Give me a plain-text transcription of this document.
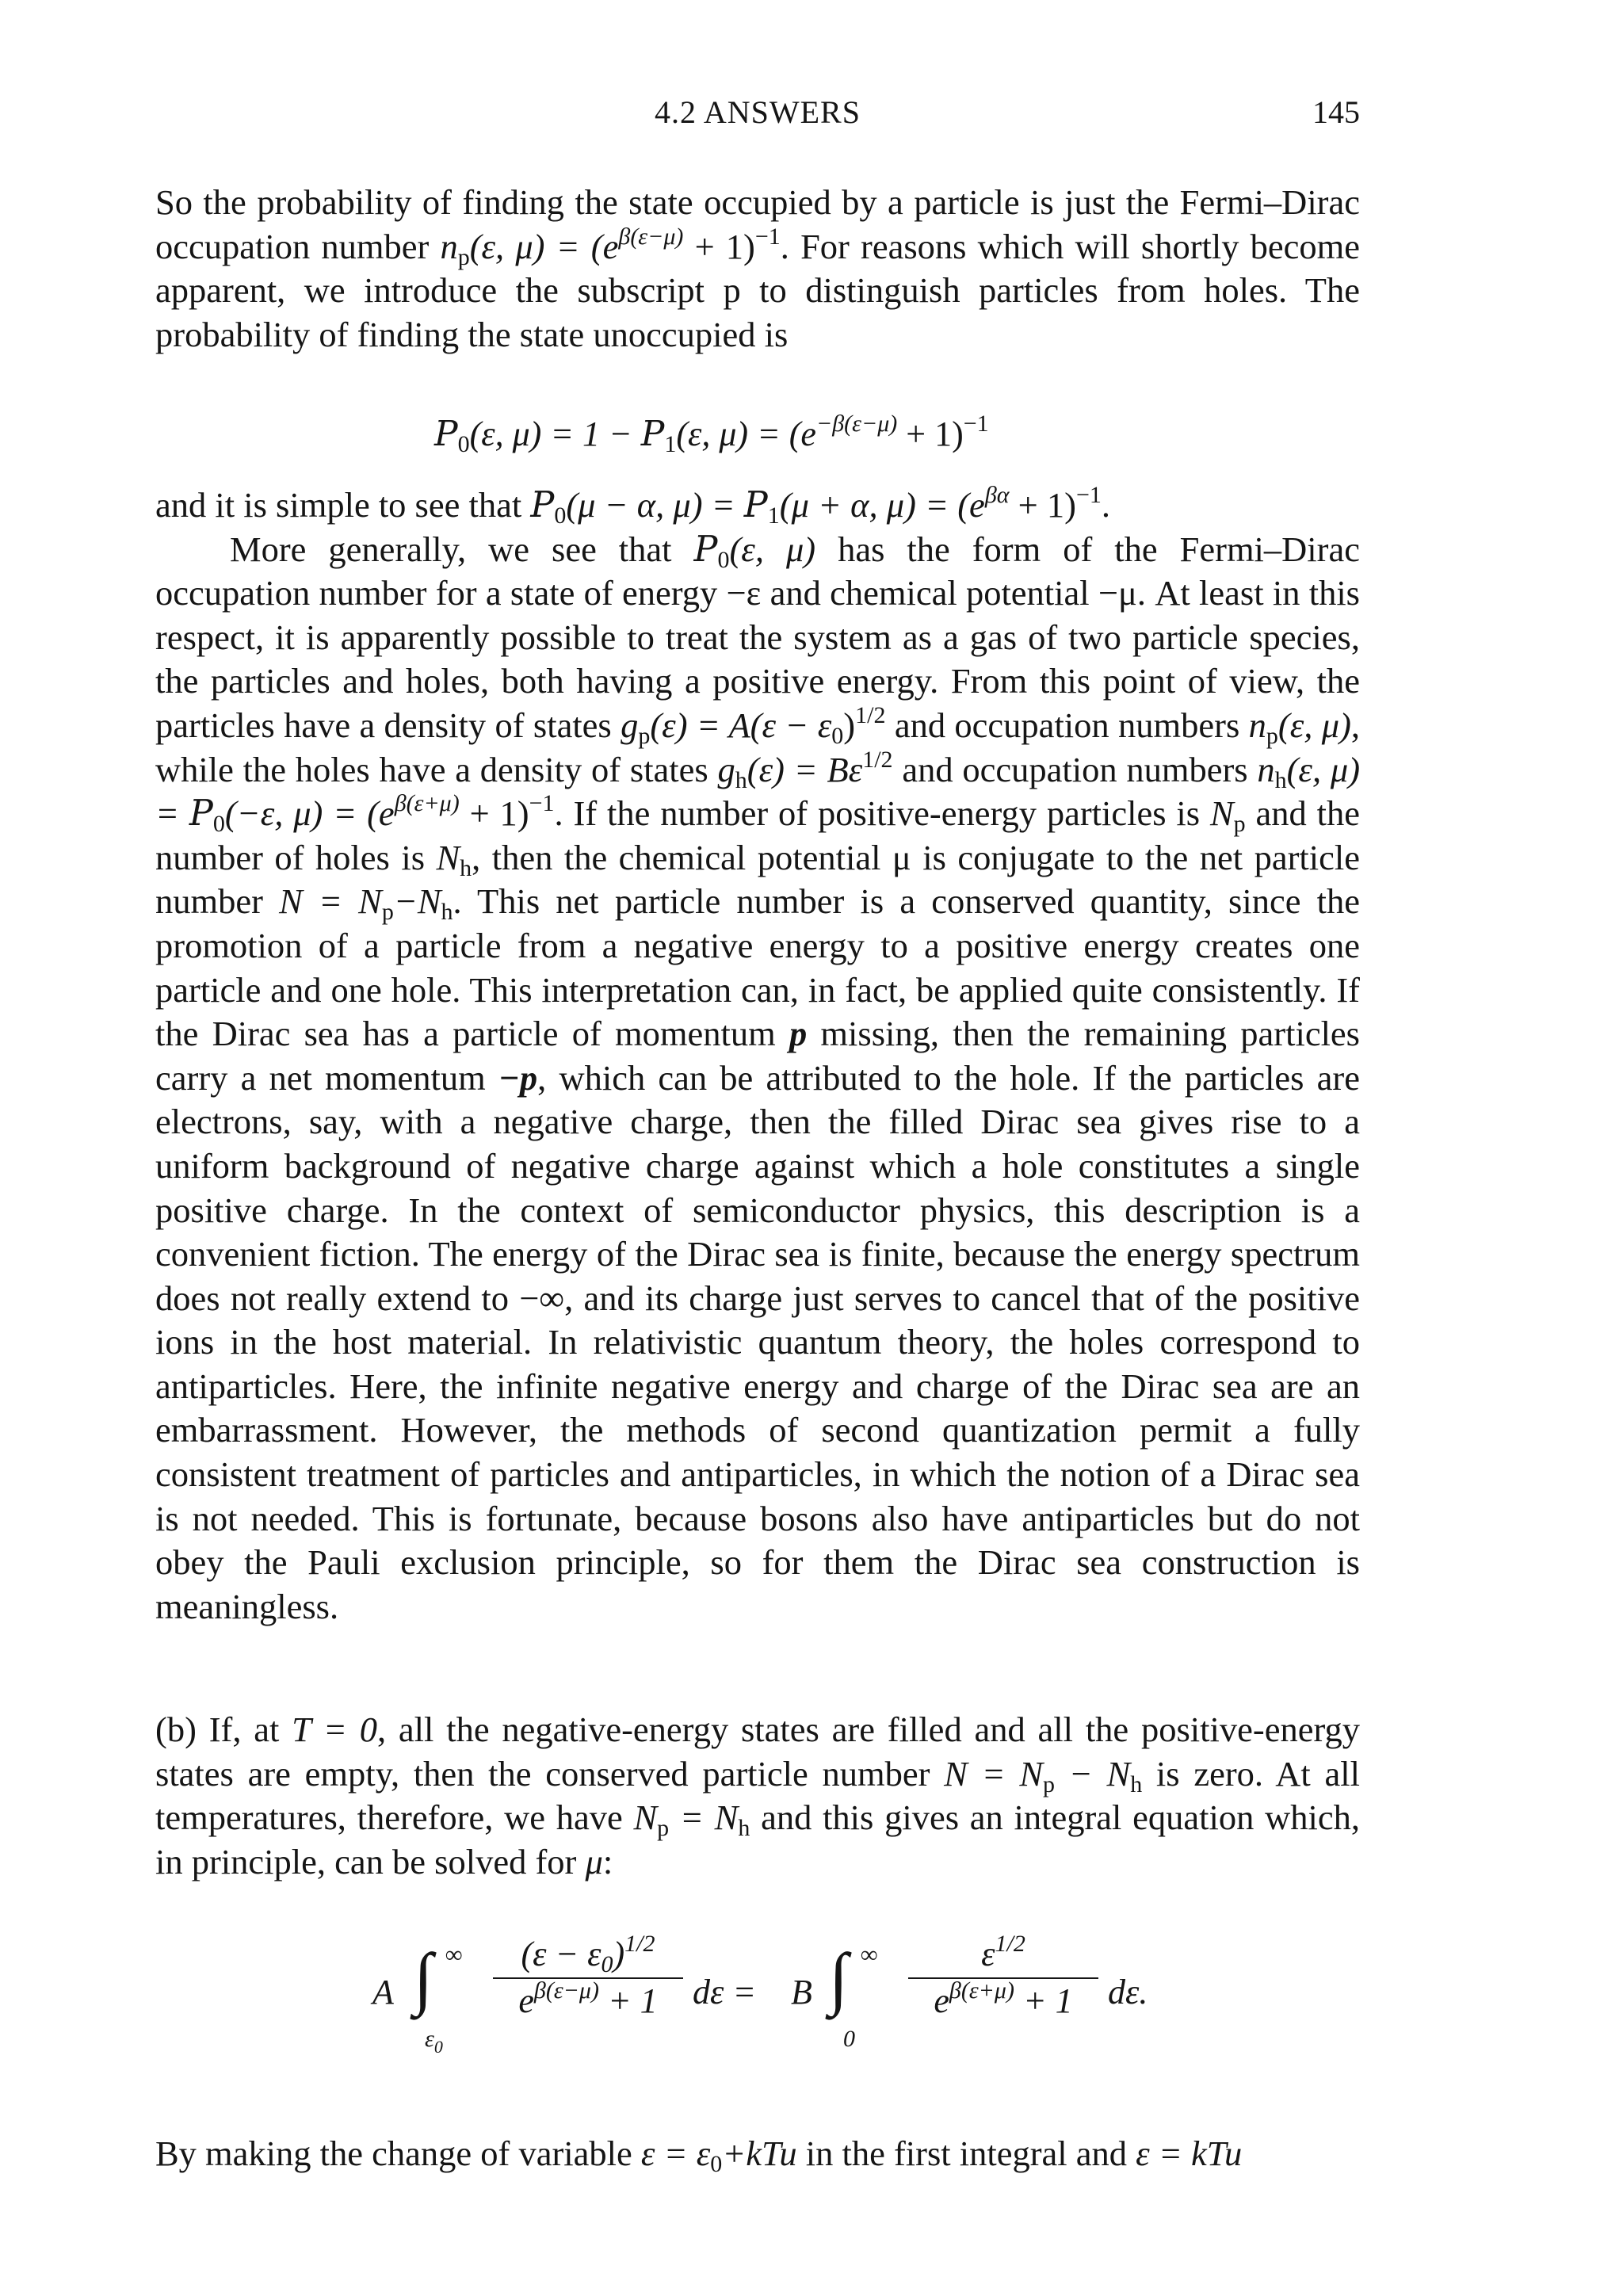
4.2 ANSWERS	145

So the probability of finding the state occupied by a particle is just the Fermi–Dirac occupation number $n_p(\varepsilon$, $\mu) = (e^{\beta(\varepsilon-\mu)} + 1)^{-1}$. For reasons which will shortly become apparent, we introduce the subscript p to distinguish particles from holes. The probability of finding the state unoccupied is

$P_0(\varepsilon$, $\mu) = 1 - P_1(\varepsilon$, $\mu) = (e^{-\beta(\varepsilon-\mu)} + 1)^{-1}$

and it is simple to see that $P_0(\mu - \alpha$, $\mu) = P_1(\mu + \alpha$, $\mu) = (e^{\beta\alpha} + 1)^{-1}$.

More generally, we see that $P_0(\varepsilon$, μ) has the form of the Fermi–Dirac occupation number for a state of energy −ε and chemical potential −μ. At least in this respect, it is apparently possible to treat the system as a gas of two particle species, the particles and holes, both having a positive energy. From this point of view, the particles have a density of states $g_p(\varepsilon) = A(\varepsilon - \varepsilon_0)^{1/2}$ and occupation numbers $n_p(\varepsilon$, μ), while the holes have a density of states $g_h(\varepsilon) = B\varepsilon^{1/2}$ and occupation numbers $n_h(\varepsilon$, $\mu) = P_0(-\varepsilon$, $\mu) = (e^{\beta(\varepsilon+\mu)} + 1)^{-1}$. If the number of positive-energy particles is $N_p$ and the number of holes is $N_h$, then the chemical potential μ is conjugate to the net particle number $N = N_p-N_h$. This net particle number is a conserved quantity, since the promotion of a particle from a negative energy to a positive energy creates one particle and one hole. This interpretation can, in fact, be applied quite consistently. If the Dirac sea has a particle of momentum p missing, then the remaining particles carry a net momentum −p, which can be attributed to the hole. If the particles are electrons, say, with a negative charge, then the filled Dirac sea gives rise to a uniform background of negative charge against which a hole constitutes a single positive charge. In the context of semiconductor physics, this description is a convenient fiction. The energy of the Dirac sea is finite, because the energy spectrum does not really extend to −∞, and its charge just serves to cancel that of the positive ions in the host material. In relativistic quantum theory, the holes correspond to antiparticles. Here, the infinite negative energy and charge of the Dirac sea are an embarrassment. However, the methods of second quantization permit a fully consistent treatment of particles and antiparticles, in which the notion of a Dirac sea is not needed. This is fortunate, because bosons also have antiparticles but do not obey the Pauli exclusion principle, so for them the Dirac sea construction is meaningless.

(b) If, at T = 0, all the negative-energy states are filled and all the positive-energy states are empty, then the conserved particle number $N = N_p - N_h$ is zero. At all temperatures, therefore, we have $N_p = N_h$ and this gives an integral equation which, in principle, can be solved for μ:

A ∫ ∞
$\varepsilon_0$
$(\varepsilon - \varepsilon_0)^{1/2}$
$e^{\beta(\varepsilon-\mu)} + 1$	dε = B ∫ ∞
0
$\varepsilon^{1/2}$
$e^{\beta(\varepsilon+\mu)} + 1$	dε.

By making the change of variable $\varepsilon = \varepsilon_0+kTu$ in the first integral and ε = kTu
